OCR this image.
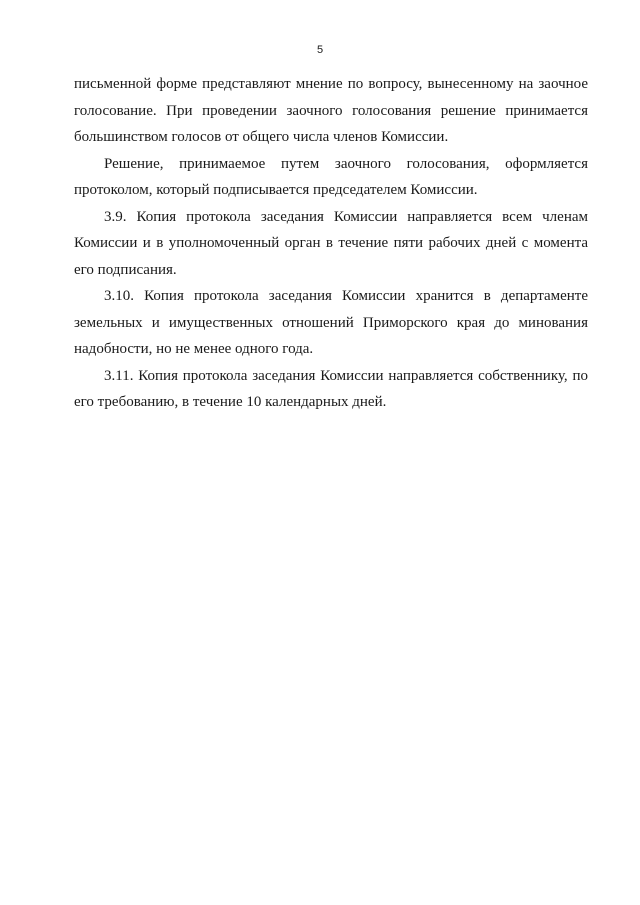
5

письменной форме представляют мнение по вопросу, вынесенному на заочное голосование. При проведении заочного голосования решение принимается большинством голосов от общего числа членов Комиссии.

Решение, принимаемое путем заочного голосования, оформляется протоколом, который подписывается председателем Комиссии.

3.9. Копия протокола заседания Комиссии направляется всем членам Комиссии и в уполномоченный орган в течение пяти рабочих дней с момента его подписания.

3.10. Копия протокола заседания Комиссии хранится в департаменте земельных и имущественных отношений Приморского края до минования надобности, но не менее одного года.

3.11. Копия протокола заседания Комиссии направляется собственнику, по его требованию, в течение 10 календарных дней.
